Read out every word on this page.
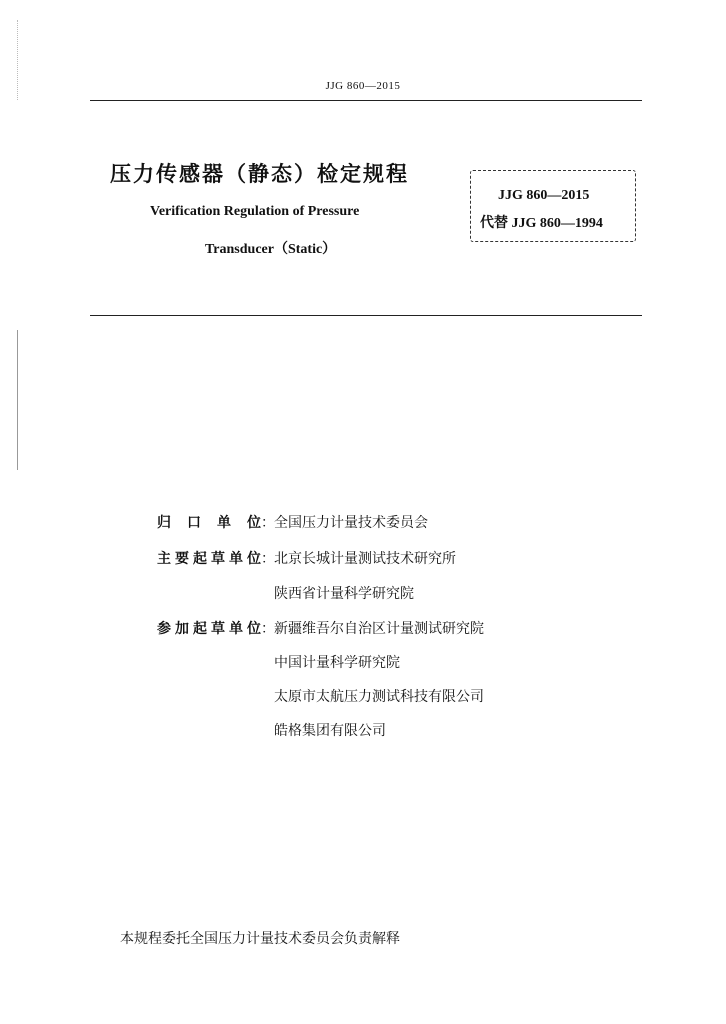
JJG 860—2015
压力传感器（静态）检定规程
Verification Regulation of Pressure
Transducer（Static）
JJG 860—2015
代替 JJG 860—1994
归 口 单 位 ： 全国压力计量技术委员会
主要起草单位 ： 北京长城计量测试技术研究所
陕西省计量科学研究院
参加起草单位 ： 新疆维吾尔自治区计量测试研究院
中国计量科学研究院
太原市太航压力测试科技有限公司
皓格集团有限公司
本规程委托全国压力计量技术委员会负责解释
